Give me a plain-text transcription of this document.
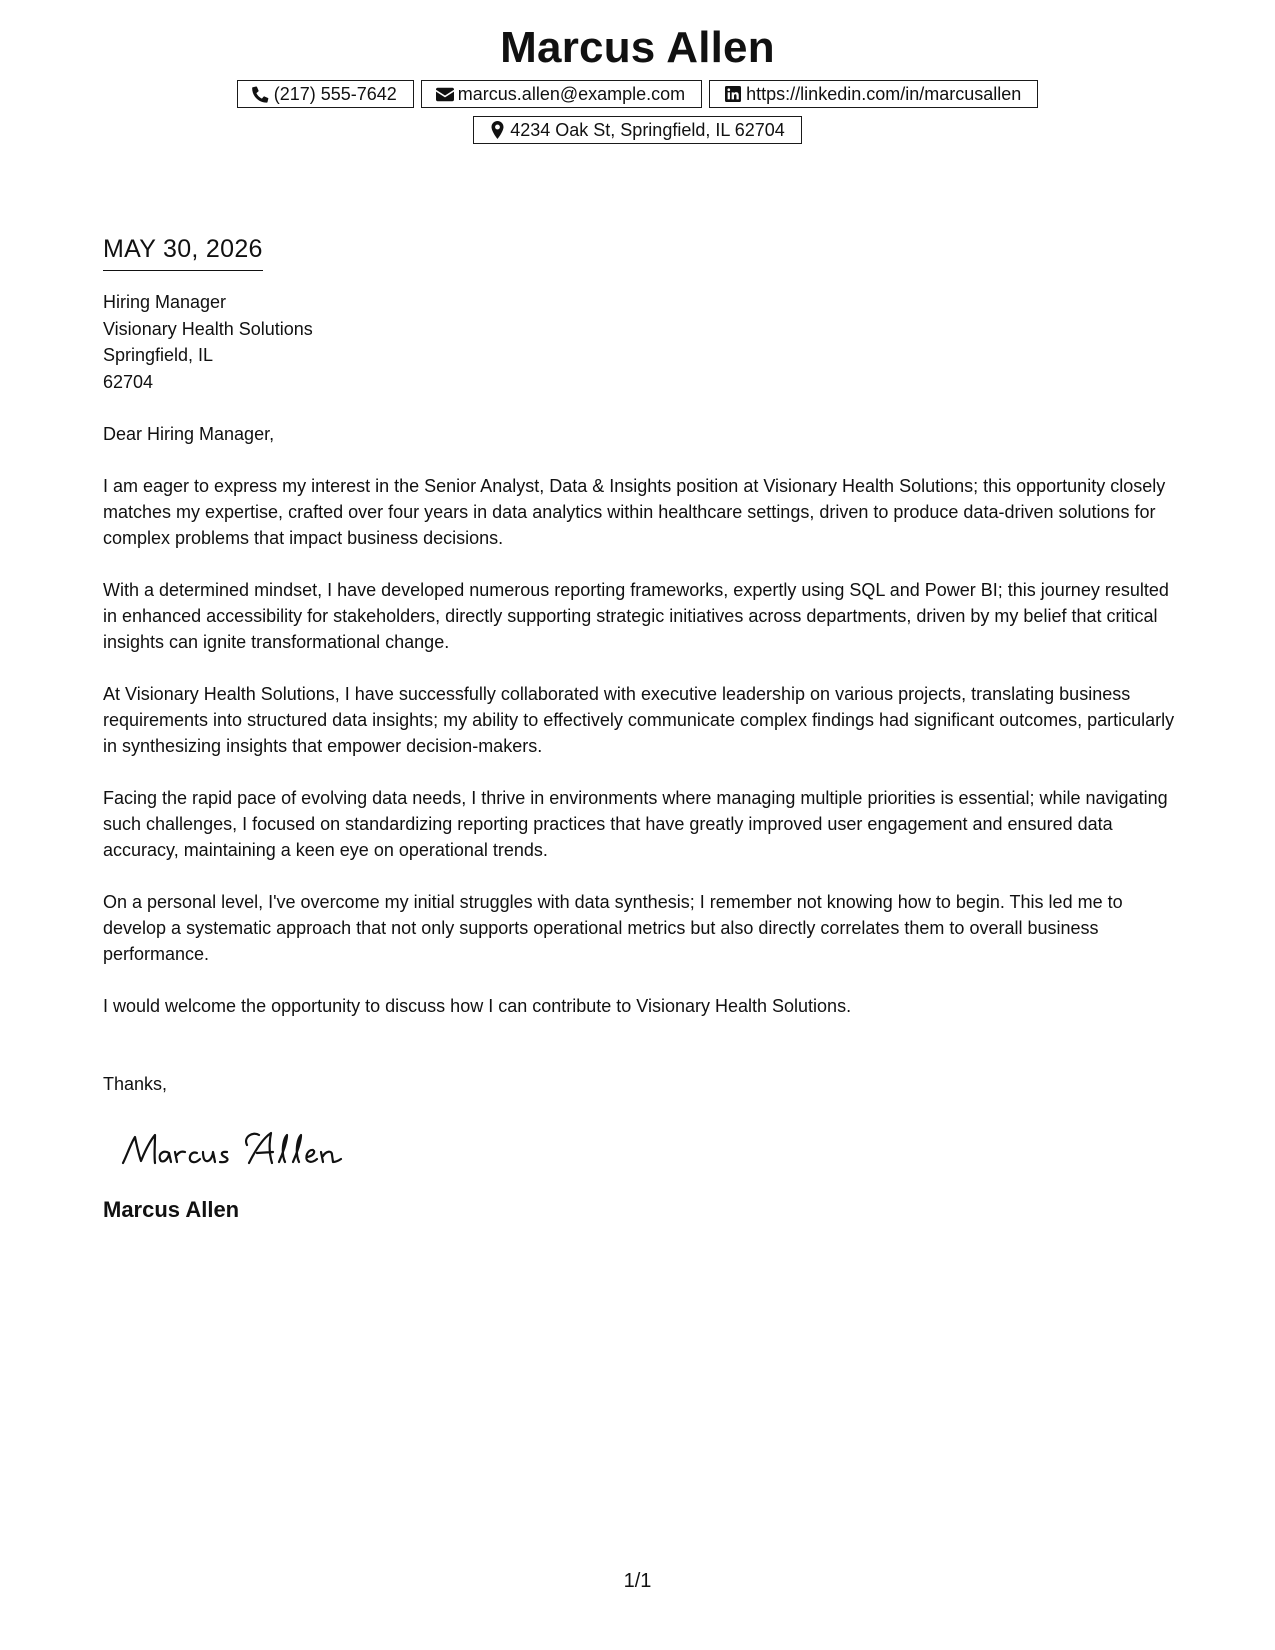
Marcus Allen
(217) 555-7642	marcus.allen@example.com	https://linkedin.com/in/marcusallen
4234 Oak St, Springfield, IL 62704
MAY 30, 2026
Hiring Manager
Visionary Health Solutions
Springfield, IL
62704
Dear Hiring Manager,
I am eager to express my interest in the Senior Analyst, Data & Insights position at Visionary Health Solutions; this opportunity closely matches my expertise, crafted over four years in data analytics within healthcare settings, driven to produce data-driven solutions for complex problems that impact business decisions.
With a determined mindset, I have developed numerous reporting frameworks, expertly using SQL and Power BI; this journey resulted in enhanced accessibility for stakeholders, directly supporting strategic initiatives across departments, driven by my belief that critical insights can ignite transformational change.
At Visionary Health Solutions, I have successfully collaborated with executive leadership on various projects, translating business requirements into structured data insights; my ability to effectively communicate complex findings had significant outcomes, particularly in synthesizing insights that empower decision-makers.
Facing the rapid pace of evolving data needs, I thrive in environments where managing multiple priorities is essential; while navigating such challenges, I focused on standardizing reporting practices that have greatly improved user engagement and ensured data accuracy, maintaining a keen eye on operational trends.
On a personal level, I've overcome my initial struggles with data synthesis; I remember not knowing how to begin. This led me to develop a systematic approach that not only supports operational metrics but also directly correlates them to overall business performance.
I would welcome the opportunity to discuss how I can contribute to Visionary Health Solutions.
Thanks,
Marcus Allen
1/1
